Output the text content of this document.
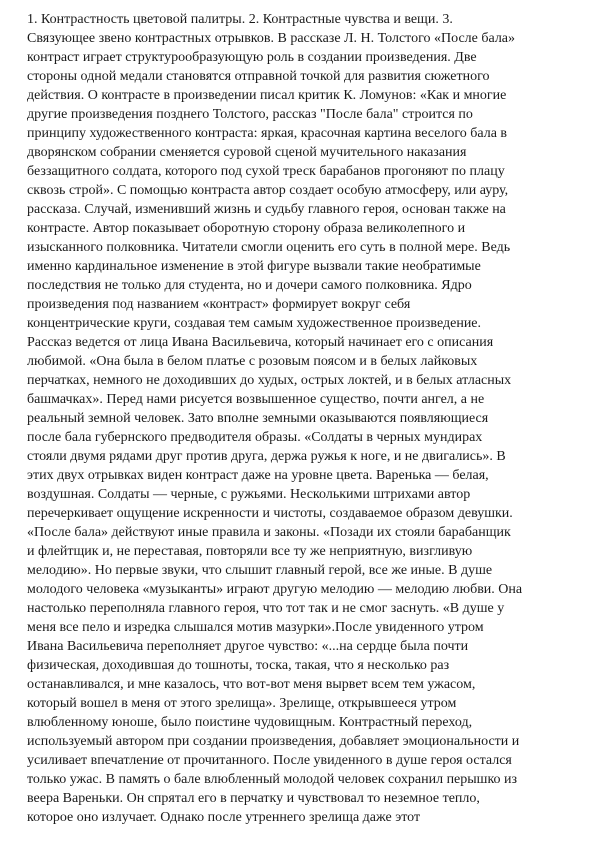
1. Контрастность цветовой палитры. 2. Контрастные чувства и вещи. 3.
Связующее звено контрастных отрывков. В рассказе Л. Н. Толстого «После бала»
контраст играет структурообразующую роль в создании произведения. Две
стороны одной медали становятся отправной точкой для развития сюжетного
действия. О контрасте в произведении писал критик К. Ломунов: «Как и многие
другие произведения позднего Толстого, рассказ "После бала" строится по
принципу художественного контраста: яркая, красочная картина веселого бала в
дворянском собрании сменяется суровой сценой мучительного наказания
беззащитного солдата, которого под сухой треск барабанов прогоняют по плацу
сквозь строй». С помощью контраста автор создает особую атмосферу, или ауру,
рассказа. Случай, изменивший жизнь и судьбу главного героя, основан также на
контрасте. Автор показывает оборотную сторону образа великолепного и
изысканного полковника. Читатели смогли оценить его суть в полной мере. Ведь
именно кардинальное изменение в этой фигуре вызвали такие необратимые
последствия не только для студента, но и дочери самого полковника. Ядро
произведения под названием «контраст» формирует вокруг себя
концентрические круги, создавая тем самым художественное произведение.
Рассказ ведется от лица Ивана Васильевича, который начинает его с описания
любимой. «Она была в белом платье с розовым поясом и в белых лайковых
перчатках, немного не доходивших до худых, острых локтей, и в белых атласных
башмачках». Перед нами рисуется возвышенное существо, почти ангел, а не
реальный земной человек. Зато вполне земными оказываются появляющиеся
после бала губернского предводителя образы. «Солдаты в черных мундирах
стояли двумя рядами друг против друга, держа ружья к ноге, и не двигались». В
этих двух отрывках виден контраст даже на уровне цвета. Варенька — белая,
воздушная. Солдаты — черные, с ружьями. Несколькими штрихами автор
перечеркивает ощущение искренности и чистоты, создаваемое образом девушки.
«После бала» действуют иные правила и законы. «Позади их стояли барабанщик
и флейтщик и, не переставая, повторяли все ту же неприятную, визгливую
мелодию». Но первые звуки, что слышит главный герой, все же иные. В душе
молодого человека «музыканты» играют другую мелодию — мелодию любви. Она
настолько переполняла главного героя, что тот так и не смог заснуть. «В душе у
меня все пело и изредка слышался мотив мазурки».После увиденного утром
Ивана Васильевича переполняет другое чувство: «...на сердце была почти
физическая, доходившая до тошноты, тоска, такая, что я несколько раз
останавливался, и мне казалось, что вот-вот меня вырвет всем тем ужасом,
который вошел в меня от этого зрелища». Зрелище, открывшееся утром
влюбленному юноше, было поистине чудовищным. Контрастный переход,
используемый автором при создании произведения, добавляет эмоциональности и
усиливает впечатление от прочитанного. После увиденного в душе героя остался
только ужас. В память о бале влюбленный молодой человек сохранил перышко из
веера Вареньки. Он спрятал его в перчатку и чувствовал то неземное тепло,
которое оно излучает. Однако после утреннего зрелища даже этот
